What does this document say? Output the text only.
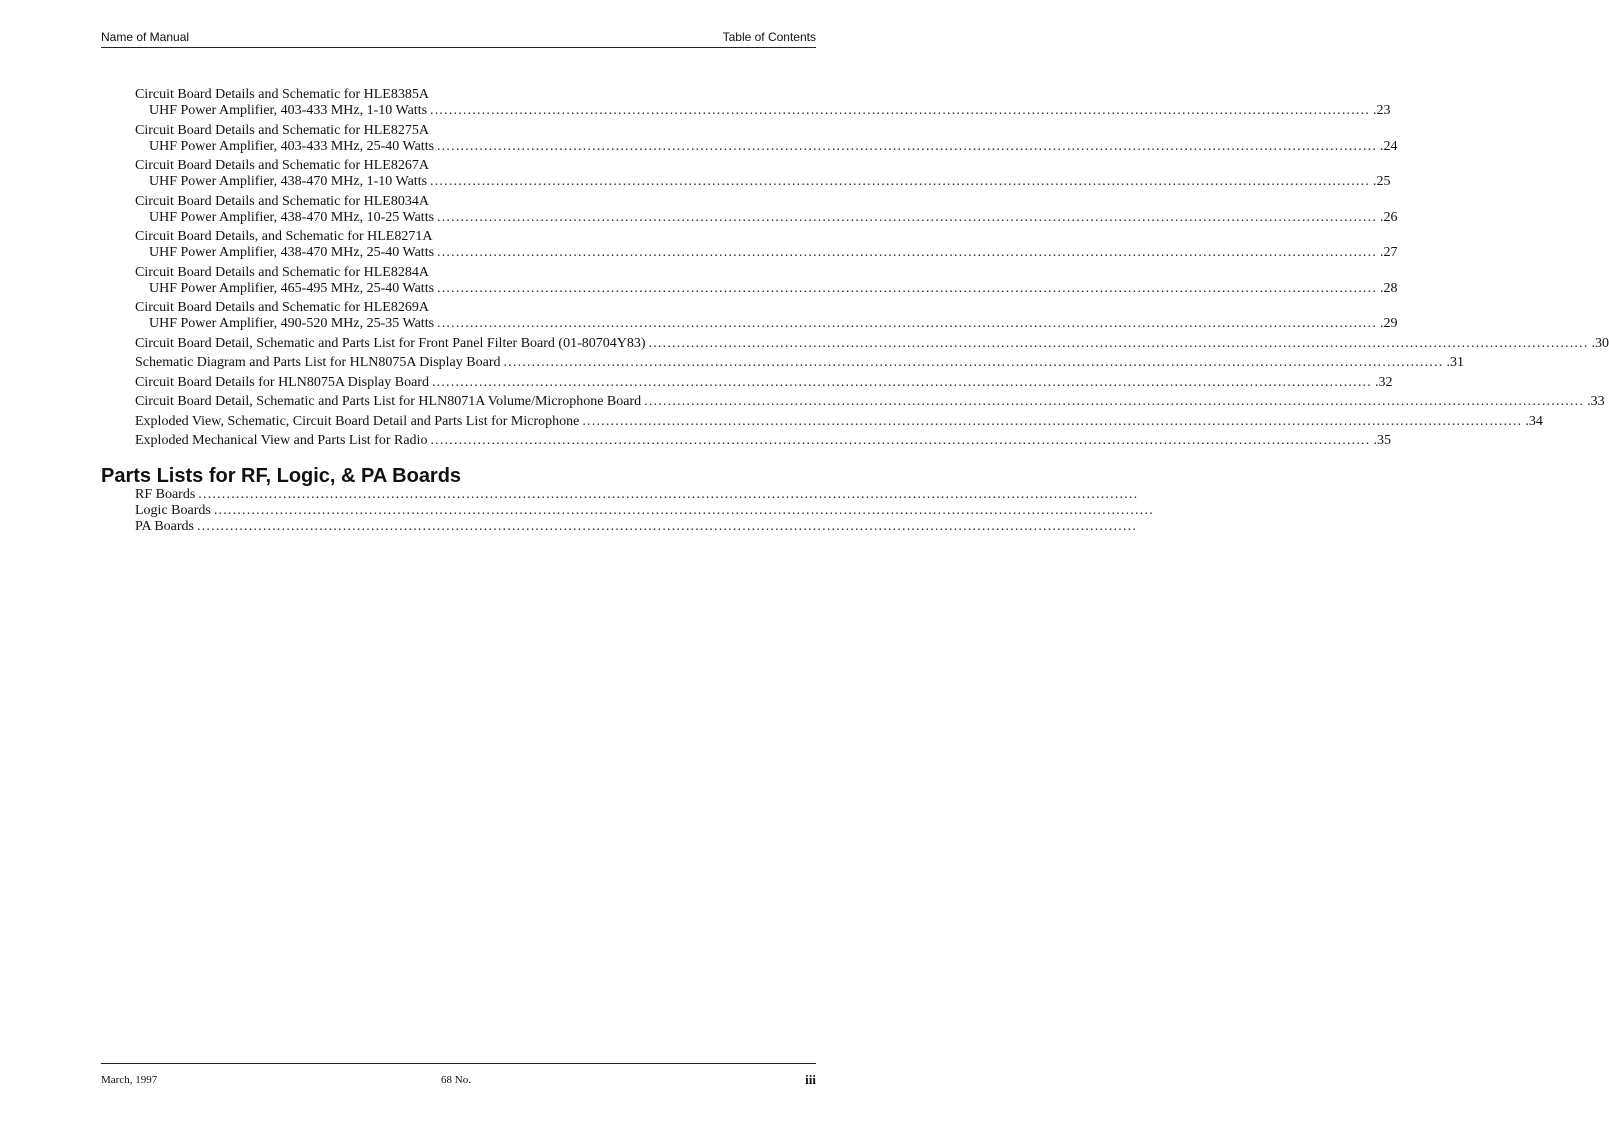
Name of Manual	Table of Contents
Circuit Board Details and Schematic for HLE8385A
UHF Power Amplifier, 403-433 MHz, 1-10 Watts ........................................................................................................................................................................................................ .23
Circuit Board Details and Schematic for HLE8275A
UHF Power Amplifier, 403-433 MHz, 25-40 Watts ........................................................................................................................................................................................................ .24
Circuit Board Details and Schematic for HLE8267A
UHF Power Amplifier, 438-470 MHz, 1-10 Watts ........................................................................................................................................................................................................ .25
Circuit Board Details and Schematic for HLE8034A
UHF Power Amplifier, 438-470 MHz, 10-25 Watts ........................................................................................................................................................................................................ .26
Circuit Board Details, and Schematic for HLE8271A
UHF Power Amplifier, 438-470 MHz, 25-40 Watts ........................................................................................................................................................................................................ .27
Circuit Board Details and Schematic for HLE8284A
UHF Power Amplifier, 465-495 MHz, 25-40 Watts ........................................................................................................................................................................................................ .28
Circuit Board Details and Schematic for HLE8269A
UHF Power Amplifier, 490-520 MHz, 25-35 Watts ........................................................................................................................................................................................................ .29
Circuit Board Detail, Schematic and Parts List for Front Panel Filter Board (01-80704Y83) ........................................................................................................................................................................................................ .30
Schematic Diagram and Parts List for HLN8075A Display Board ........................................................................................................................................................................................................ .31
Circuit Board Details for HLN8075A Display Board ........................................................................................................................................................................................................ .32
Circuit Board Detail, Schematic and Parts List for HLN8071A Volume/Microphone Board ........................................................................................................................................................................................................ .33
Exploded View, Schematic, Circuit Board Detail and Parts List for Microphone ........................................................................................................................................................................................................ .34
Exploded Mechanical View and Parts List for Radio ........................................................................................................................................................................................................ .35
Parts Lists for RF, Logic, & PA Boards
RF Boards ........................................................................................................................................................................................................
Logic Boards ........................................................................................................................................................................................................
PA Boards ........................................................................................................................................................................................................
March, 1997	68 No.	iii
